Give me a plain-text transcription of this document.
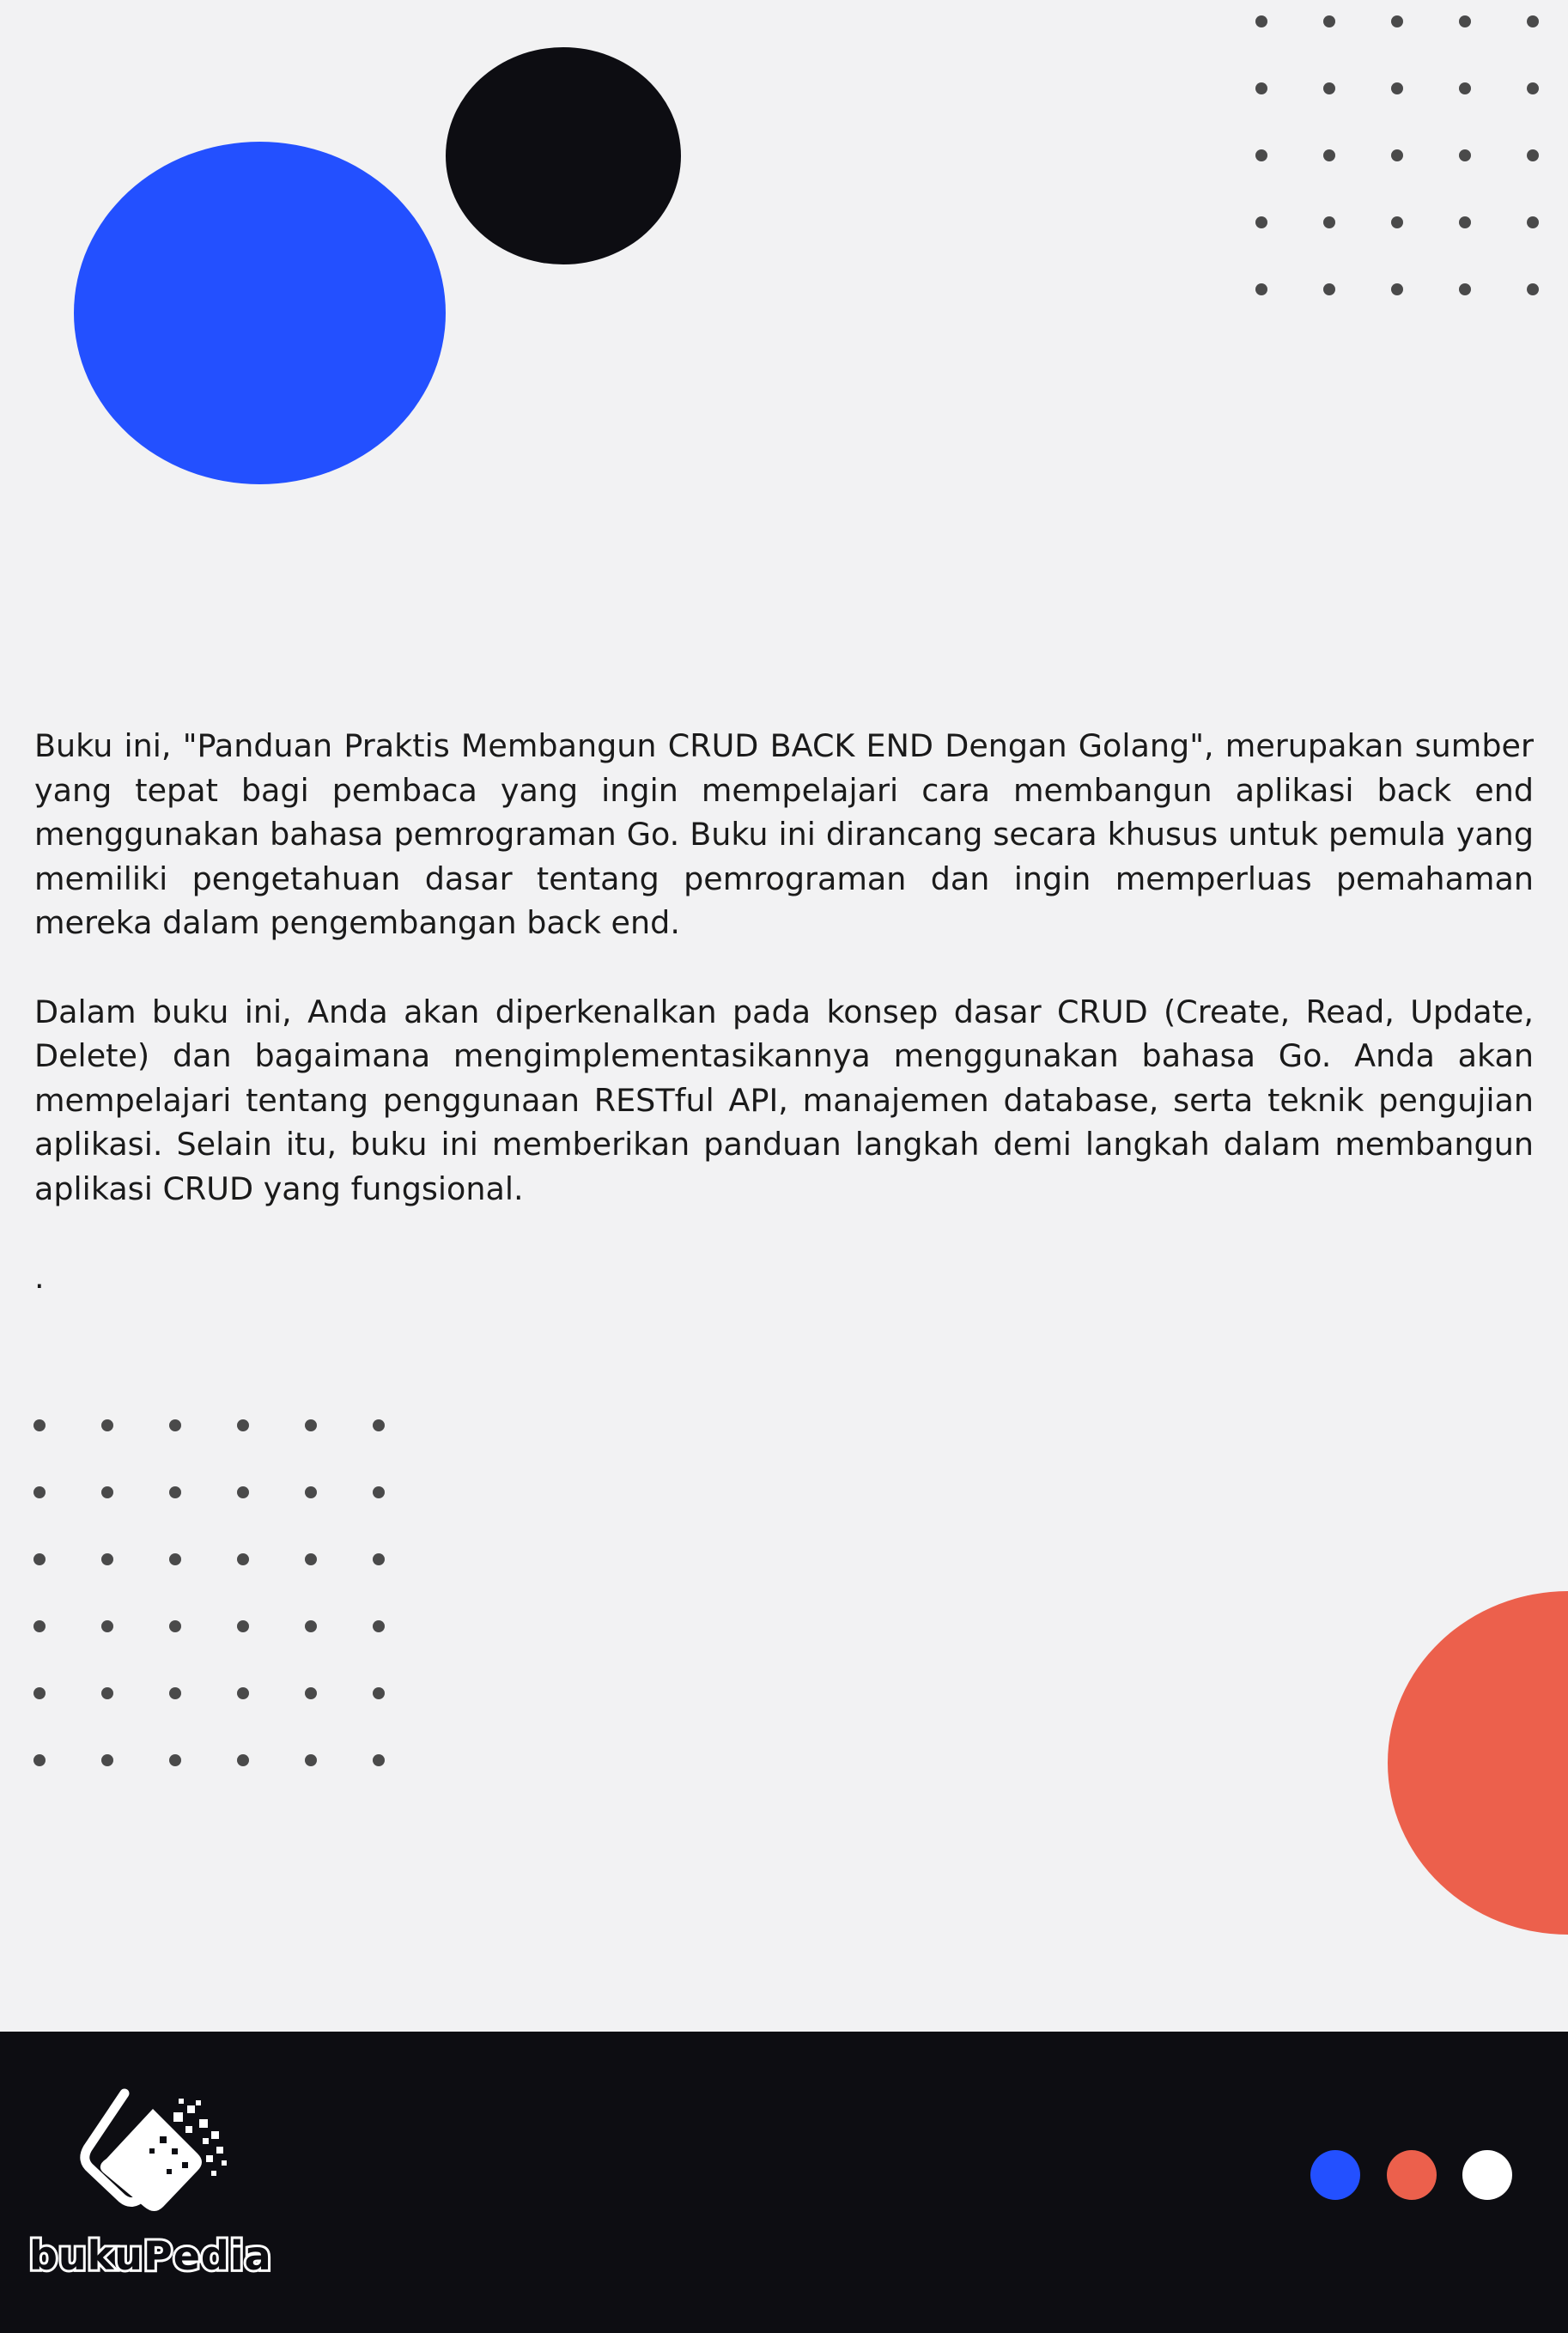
Buku ini, "Panduan Praktis Membangun CRUD BACK END Dengan Golang", merupakan sumber yang tepat bagi pembaca yang ingin mempelajari cara membangun aplikasi back end menggunakan bahasa pemrograman Go. Buku ini dirancang secara khusus untuk pemula yang memiliki pengetahuan dasar tentang pemrograman dan ingin memperluas pemahaman mereka dalam pengembangan back end.

Dalam buku ini, Anda akan diperkenalkan pada konsep dasar CRUD (Create, Read, Update, Delete) dan bagaimana mengimplementasikannya menggunakan bahasa Go. Anda akan mempelajari tentang penggunaan RESTful API, manajemen database, serta teknik pengujian aplikasi. Selain itu, buku ini memberikan panduan langkah demi langkah dalam membangun aplikasi CRUD yang fungsional.

.

bukuPedia
